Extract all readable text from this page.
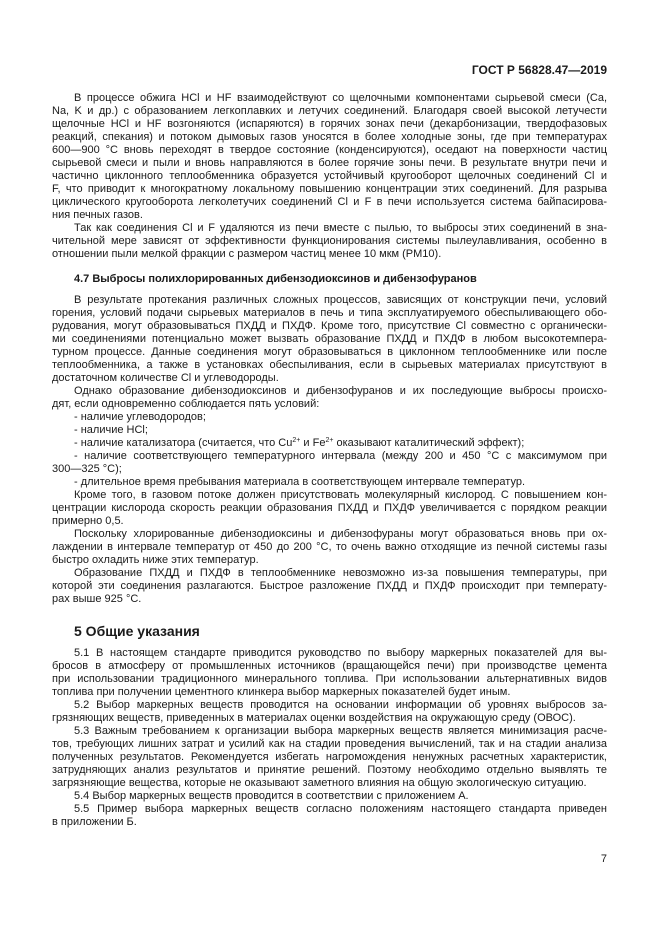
ГОСТ Р 56828.47—2019
В процессе обжига HCl и HF взаимодействуют со щелочными компонентами сырьевой смеси (Ca,
Na, K и др.) с образованием легкоплавких и летучих соединений. Благодаря своей высокой летучести
щелочные HCl и HF возгоняются (испаряются) в горячих зонах печи (декарбонизации, твердофазовых
реакций, спекания) и потоком дымовых газов уносятся в более холодные зоны, где при температурах
600—900 °C вновь переходят в твердое состояние (конденсируются), оседают на поверхности частиц
сырьевой смеси и пыли и вновь направляются в более горячие зоны печи. В результате внутри печи и
частично циклонного теплообменника образуется устойчивый кругооборот щелочных соединений Cl и
F, что приводит к многократному локальному повышению концентрации этих соединений. Для разрыва
циклического кругооборота легколетучих соединений Cl и F в печи используется система байпасирова-
ния печных газов.
Так как соединения Cl и F удаляются из печи вместе с пылью, то выбросы этих соединений в зна-
чительной мере зависят от эффективности функционирования системы пылеулавливания, особенно в
отношении пыли мелкой фракции с размером частиц менее 10 мкм (PM10).
4.7 Выбросы полихлорированных дибензодиоксинов и дибензофуранов
В результате протекания различных сложных процессов, зависящих от конструкции печи, условий
горения, условий подачи сырьевых материалов в печь и типа эксплуатируемого обеспыливающего обо-
рудования, могут образовываться ПХДД и ПХДФ. Кроме того, присутствие Cl совместно с органически-
ми соединениями потенциально может вызвать образование ПХДД и ПХДФ в любом высокотемпера-
турном процессе. Данные соединения могут образовываться в циклонном теплообменнике или после
теплообменника, а также в установках обеспыливания, если в сырьевых материалах присутствуют в
достаточном количестве Cl и углеводороды.
Однако образование дибензодиоксинов и дибензофуранов и их последующие выбросы происхо-
дят, если одновременно соблюдается пять условий:
- наличие углеводородов;
- наличие HCl;
- наличие катализатора (считается, что $Cu^{2+}$ и $Fe^{2+}$ оказывают каталитический эффект);
- наличие соответствующего температурного интервала (между 200 и 450 °C с максимумом при
300—325 °C);
- длительное время пребывания материала в соответствующем интервале температур.
Кроме того, в газовом потоке должен присутствовать молекулярный кислород. С повышением кон-
центрации кислорода скорость реакции образования ПХДД и ПХДФ увеличивается с порядком реакции
примерно 0,5.
Поскольку хлорированные дибензодиоксины и дибензофураны могут образоваться вновь при ох-
лаждении в интервале температур от 450 до 200 °C, то очень важно отходящие из печной системы газы
быстро охладить ниже этих температур.
Образование ПХДД и ПХДФ в теплообменнике невозможно из-за повышения температуры, при
которой эти соединения разлагаются. Быстрое разложение ПХДД и ПХДФ происходит при температу-
рах выше 925 °C.
5 Общие указания
5.1 В настоящем стандарте приводится руководство по выбору маркерных показателей для вы-
бросов в атмосферу от промышленных источников (вращающейся печи) при производстве цемента
при использовании традиционного минерального топлива. При использовании альтернативных видов
топлива при получении цементного клинкера выбор маркерных показателей будет иным.
5.2 Выбор маркерных веществ проводится на основании информации об уровнях выбросов за-
грязняющих веществ, приведенных в материалах оценки воздействия на окружающую среду (ОВОС).
5.3 Важным требованием к организации выбора маркерных веществ является минимизация расче-
тов, требующих лишних затрат и усилий как на стадии проведения вычислений, так и на стадии анализа
полученных результатов. Рекомендуется избегать нагромождения ненужных расчетных характеристик,
затрудняющих анализ результатов и принятие решений. Поэтому необходимо отдельно выявлять те
загрязняющие вещества, которые не оказывают заметного влияния на общую экологическую ситуацию.
5.4 Выбор маркерных веществ проводится в соответствии с приложением А.
5.5 Пример выбора маркерных веществ согласно положениям настоящего стандарта приведен
в приложении Б.
7
